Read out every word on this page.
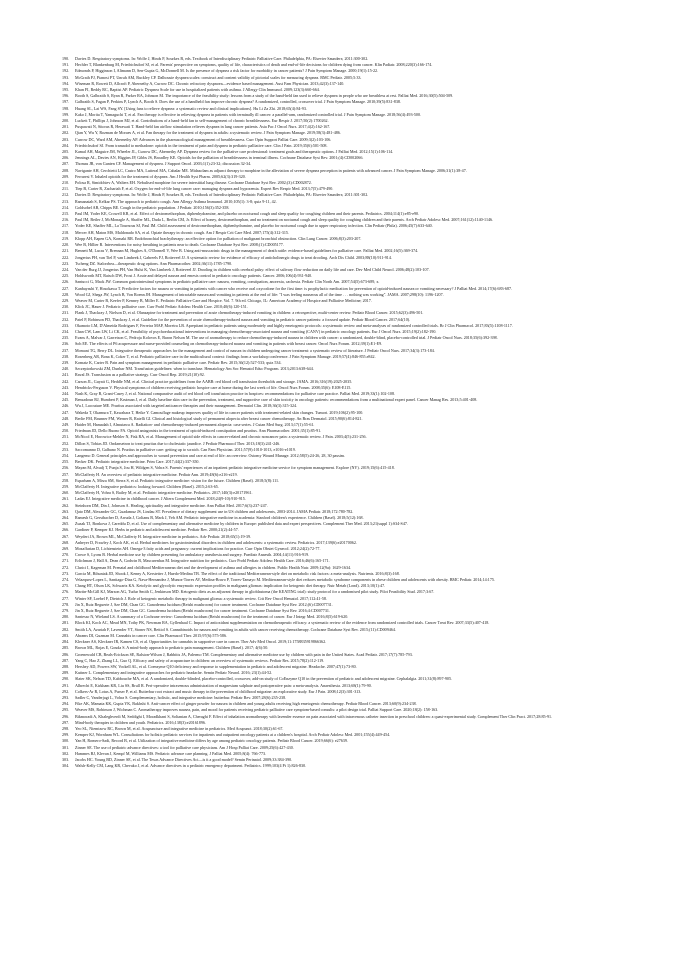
190.	Davies D. Respiratory symptoms. In: Wolfe J, Hinds P, Sourkes B, eds. Textbook of Interdisciplinary Pediatric Palliative Care. Philadelphia, PA: Elsevier Saunders; 2011:300-302.
191.	Hechler T, Blankenburg M, Friedrichsdorf SJ, et al. Parents' perspective on symptoms, quality of life, characteristics of death and end-of-life decisions for children dying from cancer. Klin Padiatr. 2008;220(3):166-174.
192.	Edmonds P, Higginson I, Altmann D, Sen-Gupta G, McDonnell M. Is the presence of dyspnea a risk factor for morbidity in cancer patients? J Pain Symptom Manage. 2000;19(1):15-22.
193.	McGrath PJ, Pianosi PT, Unruh AM, Buckley CP. Dalhousie dyspnea scales: construct and content validity of pictorial scales for measuring dyspnea. BMC Pediatr. 2005;5:33.
194.	Wiseman R, Rowett D, Allcroft P, Abernethy A, Currow DC. Chronic refractory dyspnoea—evidence based management. Aust Fam Physician. 2013;42(3):137-140.
195.	Khan FI, Reddy RC, Baptist AP. Pediatric Dyspnea Scale for use in hospitalized patients with asthma. J Allergy Clin Immunol. 2009;123(3):660-664.
196.	Booth S, Galbraith S, Ryan R, Parker RA, Johnson M. The importance of the feasibility study: lessons from a study of the hand-held fan used to relieve dyspnea in people who are breathless at rest. Palliat Med. 2016;30(5):504-509.
197.	Galbraith S, Fagan P, Perkins P, Lynch A, Booth S. Does the use of a handheld fan improve chronic dyspnea? A randomized, controlled, crossover trial. J Pain Symptom Manage. 2010;39(5):831-838.
198.	Huang SL, Lai WS, Fang SY. [Using fans to relieve dyspnea: a systematic review and clinical implications]. Hu Li Za Zhi. 2018;65(4):84-93.
199.	Kako J, Morita T, Yamaguchi T, et al. Fan therapy is effective in relieving dyspnea in patients with terminally ill cancer: a parallel-arm, randomized controlled trial. J Pain Symptom Manage. 2018;56(4):493-500.
200.	Luckett T, Phillips J, Johnson MJ, et al. Contributions of a hand-held fan to self-management of chronic breathlessness. Eur Respir J. 2017;50(2):1700262.
201.	Puspawati N, Sitorus R, Herawati T. Hand-held fan airflow stimulation relieves dyspnea in lung cancer patients. Asia Pac J Oncol Nurs. 2017;4(2):162-167.
202.	Qian Y, Wu Y, Rozman de Moraes A, et al. Fan therapy for the treatment of dyspnea in adults: a systematic review. J Pain Symptom Manage. 2019;58(3):481-486.
203.	Currow DC, Ward AM, Abernethy AP. Advances in the pharmacological management of breathlessness. Curr Opin Support Palliat Care. 2009;3(2):103-106.
204.	Friedrichsdorf SJ. From tramadol to methadone: opioids in the treatment of pain and dyspnea in pediatric palliative care. Clin J Pain. 2019;35(6):501-508.
205.	Kamal AH, Maguire JM, Wheeler JL, Currow DC, Abernethy AP. Dyspnea review for the palliative care professional: treatment goals and therapeutic options. J Palliat Med. 2012;15(1):106-114.
206.	Jennings AL, Davies AN, Higgins JP, Gibbs JS, Broadley KE. Opioids for the palliation of breathlessness in terminal illness. Cochrane Database Syst Rev. 2001;(4):CD002066.
207.	Thomas JR, von Gunten CF. Management of dyspnea. J Support Oncol. 2003;1(1):23-32; discussion 32-34.
208.	Navigante AH, Cerchietti LC, Castro MA, Lutteral MA, Cabalar ME. Midazolam as adjunct therapy to morphine in the alleviation of severe dyspnea perception in patients with advanced cancer. J Pain Symptom Manage. 2006;31(1):38-47.
209.	Ferraresi V. Inhaled opioids for the treatment of dyspnea. Am J Health Syst Pharm. 2005;62(3):319-320.
210.	Polosa R, Simidchiev A, Walters EH. Nebulised morphine for severe interstitial lung disease. Cochrane Database Syst Rev. 2002;(3):CD002872.
211.	Tiep B, Carter R, Zachariah F, et al. Oxygen for end-of-life lung cancer care: managing dyspnea and hypoxemia. Expert Rev Respir Med. 2013;7(5):479-490.
212.	Davies D. Respiratory symptoms. In: Wolfe J, Hinds P, Sourkes B, eds. Textbook of Interdisciplinary Pediatric Palliative Care. Philadelphia, PA: Elsevier Saunders; 2011:301-302.
213.	Ramanaiah S, Kelkar PS. The approach to pediatric cough. Ann Allergy Asthma Immunol. 2010;105(1): 3-8; quiz 9-11, 42.
214.	Goldsobel AB, Chipps BE. Cough in the pediatric population. J Pediatr. 2010;156(3):352-358.
215.	Paul IM, Yoder KE, Crowell KR, et al. Effect of dextromethorphan, diphenhydramine, and placebo on nocturnal cough and sleep quality for coughing children and their parents. Pediatrics. 2004;114(1):e85-e90.
216.	Paul IM, Beiler J, McMonagle A, Shaffer ML, Duda L, Berlin CM, Jr. Effect of honey, dextromethorphan, and no treatment on nocturnal cough and sleep quality for coughing children and their parents. Arch Pediatr Adolesc Med. 2007;161(12):1140-1146.
217.	Yoder KE, Shaffer ML, La Tournous SJ, Paul IM. Child assessment of dextromethorphan, diphenhydramine, and placebo for nocturnal cough due to upper respiratory infection. Clin Pediatr (Phila). 2006;45(7):633-640.
218.	Mercer AH, Maton MS, Maldonado SA, et al. Opiate therapy in chronic cough. Am J Respir Crit Care Med. 2007;175(4):312-315.
219.	Klopp AH, Eapen GA, Komaki RR. Endobronchial brachytherapy: an effective option for palliation of malignant bronchial obstruction. Clin Lung Cancer. 2006;8(3):203-207.
220.	Wee B, Hillier R. Interventions for noisy breathing in patients near to death. Cochrane Database Syst Rev. 2008;(1):CD005177.
221.	Bennett M, Lucas V, Brennan M, Hughes A, O'Donnell V, Wee B. Using anti-muscarinic drugs in the management of death rattle: evidence-based guidelines for palliative care. Palliat Med. 2002;16(5):369-374.
222.	Jongerius PH, van Tiel P, van Limbeek J, Gabreels FJ, Rotteveel JJ. A systematic review for evidence of efficacy of anticholinergic drugs to treat drooling. Arch Dis Child. 2003;88(10):911-914.
223.	Tscheng DZ. Sialorrhea—therapeutic drug options. Ann Pharmacother. 2002;36(11):1785-1790.
224.	Van der Burg JJ, Jongerius PH, Van Hulst K, Van Limbeek J, Rotteveel JJ. Drooling in children with cerebral palsy: effect of salivary flow reduction on daily life and care. Dev Med Child Neurol. 2006;48(2):103-107.
225.	Holdsworth MT, Raisch DW, Frost J. Acute and delayed nausea and emesis control in pediatric oncology patients. Cancer. 2006;106(4):931-940.
226.	Santucci G, Mack JW. Common gastrointestinal symptoms in pediatric palliative care: nausea, vomiting, constipation, anorexia, cachexia. Pediatr Clin North Am. 2007;54(5):673-689, x.
227.	Kanbayashi Y, Hosokawa T. Predictive factors for nausea or vomiting in patients with cancer who receive oral oxycodone for the first time: is prophylactic medication for prevention of opioid-induced nausea or vomiting necessary? J Palliat Med. 2014;17(6):683-687.
228.	Wood GJ, Shega JW, Lynch B, Von Roenn JH. Management of intractable nausea and vomiting in patients at the end of life: "I was feeling nauseous all of the time . . . nothing was working". JAMA. 2007;298(10): 1196-1207.
229.	Weaver M, Carter B, Keefer P, Kenney B, Miller E. Pediatric Palliative Care and Hospice. Vol. 7. 9th ed. Chicago, IL: American Academy of Hospice and Palliative Medicine; 2017.
230.	Klick JC, Hauer J. Pediatric palliative care. Curr Probl Pediatr Adolesc Health Care. 2010;40(6):120-151.
231.	Flank J, Thackray J, Nielson D, et al. Olanzapine for treatment and prevention of acute chemotherapy-induced vomiting in children: a retrospective, multi-center review. Pediatr Blood Cancer. 2015;62(3):496-501.
232.	Patel P, Robinson PD, Thackray J, et al. Guideline for the prevention of acute chemotherapy-induced nausea and vomiting in pediatric cancer patients: a focused update. Pediatr Blood Cancer. 2017;64(10).
233.	Okamoto LM, D'Almeida Rodrigues F, Ferreira MAP, Moreira LB. Aprepitant in pediatric patients using moderately and highly emetogenic protocols: a systematic review and meta-analyses of randomized controlled trials. Br J Clin Pharmacol. 2017;83(5):1108-1117.
234.	Chan CW, Lam LW, Li CK, et al. Feasibility of psychoeducational interventions in managing chemotherapy-associated nausea and vomiting (CANV) in pediatric oncology patients. Eur J Oncol Nurs. 2015;19(2):182-190.
235.	Evans A, Malvar J, Garretson C, Pedroja Kolovos E, Baron Nelson M. The use of aromatherapy to reduce chemotherapy-induced nausea in children with cancer: a randomized, double-blind, placebo-controlled trial. J Pediatr Oncol Nurs. 2018;35(6):392-398.
236.	Soh EE. The effects of P6 acupressure and nurse-provided counseling on chemotherapy-induced nausea and vomiting in patients with breast cancer. Oncol Nurs Forum. 2012;39(1):E1-E9.
237.	Momani TG, Berry DL. Integrative therapeutic approaches for the management and control of nausea in children undergoing cancer treatment: a systematic review of literature. J Pediatr Oncol Nurs. 2017;34(3):173-184.
238.	Rosenberg AR, Bona K, Coker T, et al. Pediatric palliative care in the multicultural context: findings from a workshop conference. J Pain Symptom Manage. 2019;57(4):846-855.e842.
239.	Komatz K, Carter B. Pain and symptom management in pediatric palliative care. Pediatr Rev. 2015;36(12):527-533; quiz 534.
240.	Szczepiorkowski ZM, Dunbar NM. Transfusion guidelines: when to transfuse. Hematology Am Soc Hematol Educ Program. 2013;2013:638-644.
241.	Raval JS. Transfusion as a palliative strategy. Curr Oncol Rep. 2019;21(10):92.
242.	Carson JL, Guyatt G, Heddle NM, et al. Clinical practice guidelines from the AABB: red blood cell transfusion thresholds and storage. JAMA. 2016;316(19):2025-2035.
243.	Hendricks-Ferguson V. Physical symptoms of children receiving pediatric hospice care at home during the last week of life. Oncol Nurs Forum. 2008;35(6): E108-E115.
244.	Nash K, Gray R, Grant-Casey J, et al. National comparative audit of red blood cell transfusion practice in hospices: recommendations for palliative care practice. Palliat Med. 2019;33(1):102-108.
245.	Bensadoun RJ, Humbert P, Krutman J, et al. Daily baseline skin care in the prevention, treatment, and supportive care of skin toxicity in oncology patients: recommendations from a multinational expert panel. Cancer Manag Res. 2013;5:401-408.
246.	Wu J, Lacouture ME. Pruritus associated with targeted anticancer therapies and their management. Dermatol Clin. 2018;36(3):315-324.
247.	Wakeda T, Okamura T, Kawahara T, Heike Y. Camouflage makeup improves quality of life in cancer patients with treatment-related skin changes. Tumori. 2019;106(2):95-100.
248.	Berlie FM, Brunner FM, Werner R, Ratelli GI. Clinical and histological study of permanent alopecia after breast cancer chemotherapy. An Bras Dermatol. 2015;90(6):814-821.
249.	Haider M, Hamadah I, Almutawa A. Radiation- and chemotherapy-induced permanent alopecia: case series. J Cutan Med Surg. 2013;17(1):55-61.
250.	Friedman JD, Dello Buono FA. Opioid antagonists in the treatment of opioid-induced constipation and pruritus. Ann Pharmacother. 2001;35(1):85-91.
251.	McNicol E, Horowicz-Mehler N, Fisk RA, et al. Management of opioid side effects in cancer-related and chronic noncancer pain: a systematic review. J Pain. 2003;4(5):231-256.
252.	Dillon S, Tobias JD. Ondansetron to treat pruritus due to cholestatic jaundice. J Pediatr Pharmacol Ther. 2013;18(3):241-246.
253.	Saccomanno D, Galbano N. Pruritus in palliative care: getting up to scratch. Can Fam Physician. 2011;57(9):1010-1013, e1016-e1019.
254.	Langemo D. General principles and approaches to wound prevention and care at end of life: an overview. Ostomy Wound Manage. 2012;58(5):24-26, 28, 30 passim.
255.	Becker DK. Pediatric integrative medicine. Prim Care. 2017;44(2):337-350.
256.	Mayan M, Alvadj T, Punja S, Jou H, Wildgen S, Vohra S. Parents' experiences of an inpatient pediatric integrative medicine service for symptom management. Explore (NY). 2019;15(6):415-418.
257.	McClafferty H. An overview of pediatric integrative medicine. Pediatr Ann. 2019;48(6):e216-e219.
258.	Esparham A, Misra SM, Sierra S, et al. Pediatric integrative medicine: vision for the future. Children (Basel). 2018;5(8):111.
259.	McClafferty H. Integrative pediatrics: looking forward. Children (Basel). 2015;2:63-65.
260.	McClafferty H, Vohra S, Bailey M, et al. Pediatric integrative medicine. Pediatrics. 2017;140(3):e20171961.
261.	Ladas EJ. Integrative medicine in childhood cancer. J Altern Complement Med. 2018;24(9-10):910-915.
262.	Steinhorn DM, Din J, Johnson A. Healing, spirituality and integrative medicine. Ann Palliat Med. 2017;6(3):237-247.
263.	Qato DM, Alexander GC, Guadamuz JS, Lindau ST. Prevalence of dietary supplement use in US children and adolescents, 2003-2014. JAMA Pediatr. 2018;172:780-782.
264.	Ramesh G, Gerstbacher D, Arruda J, Golianu B, Mark J, Yeh AM. Pediatric integrative medicine in academia: Stanford children's experience. Children (Basel). 2018;5(12):168.
265.	Zuzak TJ, Bonkova J, Careddu D, et al. Use of complementary and alternative medicine by children in Europe: published data and expert perspectives. Complement Ther Med. 2013;21(suppl 1):S34-S47.
266.	Gardiner P, Kemper KJ. Herbs in pediatric and adolescent medicine. Pediatr Rev. 2000;21(2):44-57.
267.	Weydert JA, Brown ML, McClafferty H. Integrative medicine in pediatrics. Adv Pediatr. 2018;65(1):19-39.
268.	Anheyer D, Frawley J, Koch AK, et al. Herbal medicines for gastrointestinal disorders in children and adolescents: a systematic review. Pediatrics. 2017;139(6):e20170062.
269.	Mozaffarian D, Lichtenstein AH. Omega-3 fatty acids and pregnancy: current implications for practice. Curr Opin Obstet Gynecol. 2012;24(2):72-77.
270.	Crowe S, Lyons B. Herbal medicine use by children presenting for ambulatory anesthesia and surgery. Paediatr Anaesth. 2004;14(11):916-919.
271.	Erlichman J, Hall A, Dean A, Godwin B, Mascarenhas M. Integrative nutrition for pediatrics. Curr Probl Pediatr Adolesc Health Care. 2016;46(6):165-171.
272.	Clarici I, Kageman M. Prenatal and childhood Mediterranean diet and the development of asthma and allergies in children. Public Health Nutr. 2009;12(9a): 1629-1634.
273.	Garcia M, Bihuniak JD, Shook J, Kenny A, Kerstetter J, Huedo-Medina TB. The effect of the traditional Mediterranean-style diet on metabolic risk factors: a meta-analysis. Nutrients. 2016;8(3):168.
274.	Velazquez-Lopez L, Santiago-Diaz G, Nava-Hernandez J, Munoz-Torres AV, Medina-Bravo P, Torres-Tamayo M. Mediterranean-style diet reduces metabolic syndrome components in obese children and adolescents with obesity. BMC Pediatr. 2014;14:175.
275.	Chang HT, Olson LK, Schwartz KA. Ketolytic and glycolytic enzymatic expression profiles in malignant gliomas: implication for ketogenic diet therapy. Nutr Metab (Lond). 2013;10(1):47.
276.	Martin-McGill KJ, Marson AG, Tudur Smith C, Jenkinson MD. Ketogenic diets as an adjuvant therapy in glioblastoma (the KEATING trial): study protocol for a randomised pilot study. Pilot Feasibility Stud. 2017;3:67.
277.	Winter SF, Loebel F, Dietrich J. Role of ketogenic metabolic therapy in malignant glioma: a systematic review. Crit Rev Oncol Hematol. 2017;112:41-58.
278.	Jin X, Ruiz Beguerie J, Sze DM, Chan GC. Ganoderma lucidum (Reishi mushroom) for cancer treatment. Cochrane Database Syst Rev. 2012;(6):CD007731.
279.	Jin X, Ruiz Beguerie J, Sze DM, Chan GC. Ganoderma lucidum (Reishi mushroom) for cancer treatment. Cochrane Database Syst Rev. 2016;4:CD007731.
280.	Santesso N, Wieland LS. A summary of a Cochrane review: Ganoderma lucidum (Reishi mushroom) for the treatment of cancer. Eur J Integr Med. 2016;8(5):619-620.
281.	Block KI, Koch AC, Mead MN, Tothy PK, Newman RA, Gyllenhaal C. Impact of antioxidant supplementation on chemotherapeutic efficacy: a systematic review of the evidence from randomized controlled trials. Cancer Treat Rev. 2007;33(5):407-418.
282.	Smith LA, Azariah F, Lavender VT, Stoner NS, Bettiol S. Cannabinoids for nausea and vomiting in adults with cancer receiving chemotherapy. Cochrane Database Syst Rev. 2015;(11):CD009464.
283.	Abrams DI, Guzman M. Cannabis in cancer care. Clin Pharmacol Ther. 2015;97(6):575-586.
284.	Kleckner AS, Kleckner IR, Kamen CS, et al. Opportunities for cannabis in supportive care in cancer. Ther Adv Med Oncol. 2019;11:1758835919866362.
285.	Brown ML, Rojas E, Gouda S. A mind-body approach to pediatric pain management. Children (Basel). 2017; 4(6):50.
286.	Groenewald CB, Beals-Erickson SE, Ralston-Wilson J, Rabbitts JA, Palermo TM. Complementary and alternative medicine use by children with pain in the United States. Acad Pediatr. 2017;17(7):785-793.
287.	Yang C, Hao Z, Zhang LL, Guo Q. Efficacy and safety of acupuncture in children: an overview of systematic reviews. Pediatr Res. 2015;78(2):112-119.
288.	Hershey AD, Powers SW, Vockell AL, et al. Coenzyme Q10 deficiency and response to supplementation in pediatric and adolescent migraine. Headache. 2007;47(1):73-80.
289.	Kuttner L. Complementary and integrative approaches for pediatric headache. Semin Pediatr Neurol. 2016; 23(1):44-52.
290.	Slater SK, Nelson TD, Kabbouche MA, et al. A randomized, double-blinded, placebo-controlled, crossover, add-on study of CoEnzyme Q10 in the prevention of pediatric and adolescent migraine. Cephalalgia. 2011;31(8):897-905.
291.	Albrecht E, Kirkham KR, Liu SS, Brull R. Peri-operative intravenous administration of magnesium sulphate and postoperative pain: a meta-analysis. Anaesthesia. 2013;68(1):79-90.
292.	Colkers-Ar R, Lotus A, Purser P, et al. Butterbur root extract and music therapy in the prevention of childhood migraine: an explorative study. Eur J Pain. 2008;12(3):301-313.
293.	Sadler C, Vanderjagt L, Vohra S. Complementary, holistic, and integrative medicine: butterbur. Pediatr Rev. 2007;28(6):235-238.
294.	Fike AK, Mamata KK, Gupta YK, Bakhshi S. Anti-cancer effect of ginger powder for nausea in children and young adults receiving high emetogenic chemotherapy. Pediatr Blood Cancer. 2013;60(9):234-238.
295.	Weaver MS, Robinson J, Wichman C. Aromatherapy improves nausea, pain, and mood for patients receiving pediatric palliative care symptom-based consults: a pilot design trial. Palliat Support Care. 2020;18(2): 158-163.
296.	Bikmoradi A, Khaleghverdi M, Seddighi I, Moradkhani S, Soltanian A, Cheraghi F. Effect of inhalation aromatherapy with lavender essence on pain associated with intravenous catheter insertion in preschool children: a quasi-experimental study. Complement Ther Clin Pract. 2017;28:85-91.
297.	Mind-body therapies in children and youth. Pediatrics. 2016;138(3):e20161896.
298.	Yeo SL, Niemtzow RC, Brown M, et al. Acupuncture and integrative medicine in pediatrics. Med Acupunct. 2018;30(2):61-67.
299.	Kemper KJ, Wornham WL. Consultations for holistic pediatric services for inpatients and outpatient oncology patients at a children's hospital. Arch Pediatr Adolesc Med. 2001;155(4):449-454.
300.	Yan H, Romero-Sadi, Record B, et al. Utilization of integrative medicine differs by age among pediatric oncology patients. Pediatr Blood Cancer. 2019;66(6): e27639.
301.	Zinner SE. The use of pediatric advance directives: a tool for palliative care physicians. Am J Hosp Palliat Care. 2009;25(6):427-430.
302.	Hammes BJ, Klevan J, Kempf M, Williams MS. Pediatric advance care planning. J Palliat Med. 2005;8(4): 766-773.
303.	Jacobs HC. Young BD, Zinner SE, et al. The Texas Advance Directives Act—is it a good model? Semin Perinatol. 2009;33:384-390.
304.	Walsh-Kelly CM, Lang KR, Chevako J, et al. Advance directives in a pediatric emergency department. Pediatrics. 1999;103(4 Pt 1):826-830.
